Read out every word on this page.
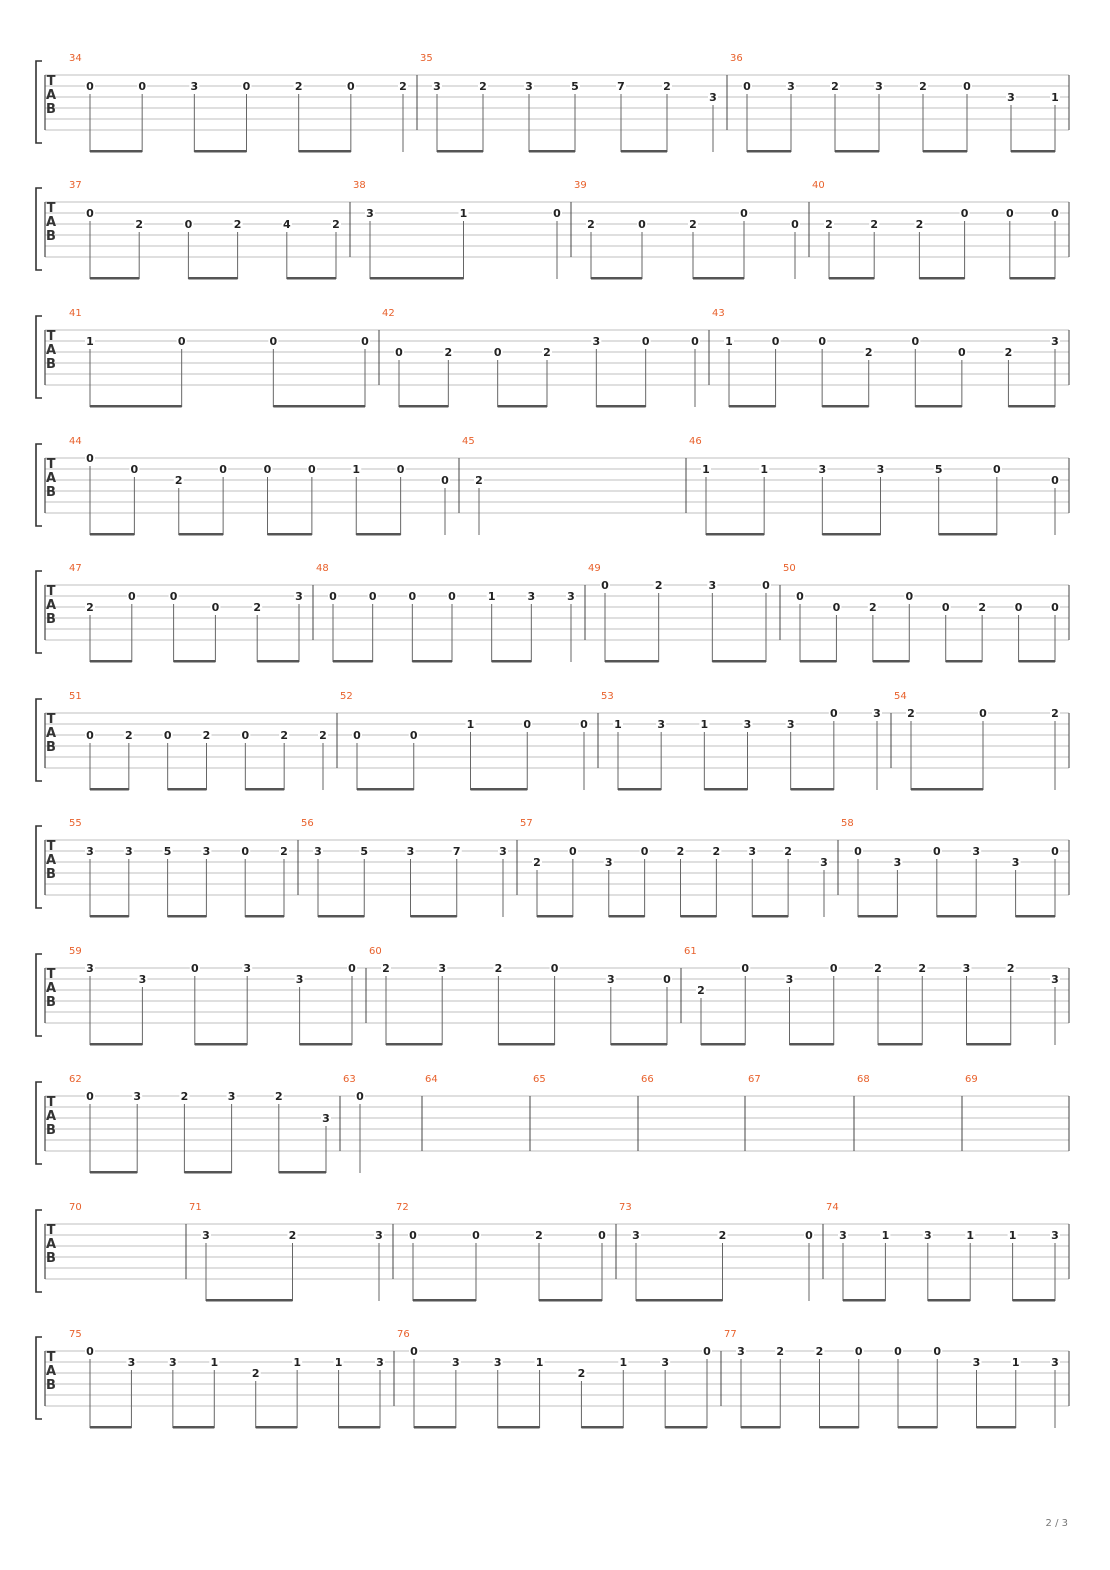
T
A
B
34
0	0	3	0	2	0	2
35
3	2	3	5	7	2
3
36
0	3	2	3	2	0
3	1
T
A
B
37
0
2	0	2	4	2
38
3	1	0
39
2	0	2
0
0
40
2	2	2
0	0	0
T
A
B
41
1	0	0	0
42
0	2	0	2
3	0	0
43
1	0	0
2
0
0	2
3
T
A
B
44
0
0
2
0	0	0	1	0
0
45
2
46
1	1	3	3	5	0
0
T
A
B
47
2
0	0
0	2
3
48
0	0	0	0	1	3	3
49
0	2	3	0
50
0
0	2
0
0	2	0	0
T
A
B
51
0	2	0	2	0	2	2
52
0	0
1	0	0
53
1	3	1	3	3
0	3
54
2	0	2
T
A
B
55
3	3	5	3	0	2
56
3	5	3	7	3
57
2
0
3
0	2	2	3	2
3
58
0
3
0	3
3
0
T
A
B
59
3
3
0	3
3
0
60
2	3	2	0
3	0
61
2
0
3
0	2	2	3	2
3
T
A
B
62
0	3	2	3	2
3
63
0
64	65	66	67	68	69
T
A
B
70	71
3	2	3
72
0	0	2	0
73
3	2	0
74
3	1	3	1	1	3
T
A
B
75
0
3	3	1
2
1	1	3
76
0
3	3	1
2
1	3
0
77
3	2	2	0	0	0
3	1	3
2 / 3
